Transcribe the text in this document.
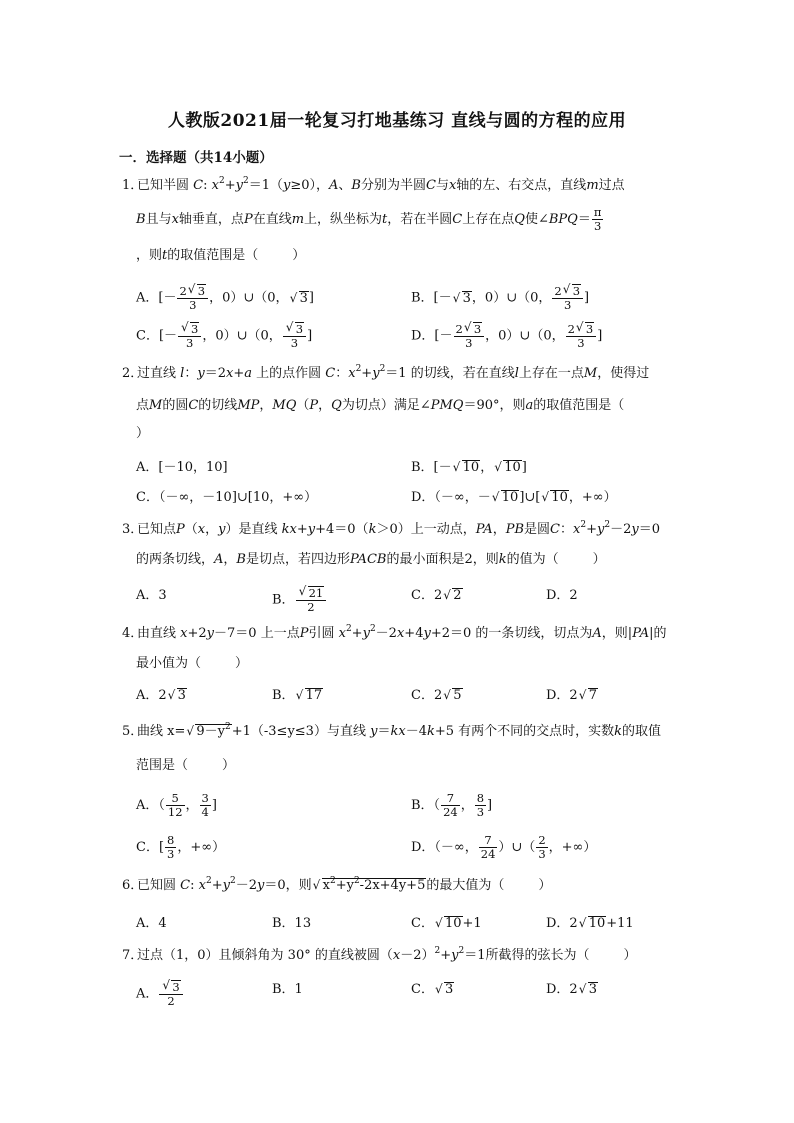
人教版2021届一轮复习打地基练习 直线与圆的方程的应用
一．选择题（共14小题）
1．已知半圆 C: $x^2+y^2=1(y\ge 0)$，A、B分别为半圆C与x轴的左、右交点，直线m过点
B且与x轴垂直，点P在直线m上，纵坐标为t，若在半圆C上存在点Q使∠BPQ＝ $\frac{\pi}{3}$
，则t的取值范围是（	）
A．[－ $\frac{2 √ 3}{3}$ ，0）∪（0， √ 3]	B．[－ √ 3，0）∪（0， $\frac{2 √ 3}{3}$ ]
C．[－ √ $\frac{3}{3}$ ，0）∪（0， √ $\frac{3}{3}$ ]	D．[－ $\frac{2 √ 3}{3}$ ，0）∪（0， $\frac{2 √ 3}{3}$ ]
2．过直线 l：y＝2x+a 上的点作圆 C：$x^2+y^2=1$ 的切线，若在直线l上存在一点M，使得过
点M的圆C的切线MP，MQ（P，Q为切点）满足∠PMQ＝90°，则a的取值范围是（
）
A．[－10，10]	B．[－ √ 10， √ 10]
C．（－∞，－10]∪[10，+∞）	D．（－∞，－ √ 10]∪[ √ 10，+∞）
3．已知点P（x，y）是直线 kx+y+4＝0（k＞0）上一动点，PA，PB是圆C：$x^2+y^2-2y=0$
的两条切线，A，B是切点，若四边形PACB的最小面积是2，则k的值为（	）
A．3	B． √ $\frac{21}{2}$	C．2 √ 2	D．2
4．由直线 x+2y－7＝0 上一点P引圆 $x^2+y^2-2x+4y+2=0$ 的一条切线，切点为A，则|PA|的
最小值为（	）
A．2 √ 3	B． √ 17	C．2 √ 5	D．2 √ 7
5．曲线 x= √ $9-y^2+1(-3\le y\le 3)$与直线 y＝kx－4k+5 有两个不同的交点时，实数k的取值
范围是（	）
A．（ $\frac{5}{12}$ ， $\frac{3}{4}$ ]	B．（ $\frac{7}{24}$ ， $\frac{8}{3}$ ]
C．[ $\frac{8}{3}$ ，+∞）	D．（－∞， $\frac{7}{24}$ ）∪（ $\frac{2}{3}$ ，+∞）
6．已知圆 C: $x^2+y^2-2y=0$，则 √ $x^2+y^2-2x+4y+5$的最大值为（	）
A．4	B．13	C． √ 10+1	D．2 √ 10+11
7．过点（1，0）且倾斜角为 30° 的直线被圆$(x-2)^2+y^2=1$所截得的弦长为（	）
A． √ $\frac{3}{2}$	B．1	C． √ 3	D．2 √ 3
